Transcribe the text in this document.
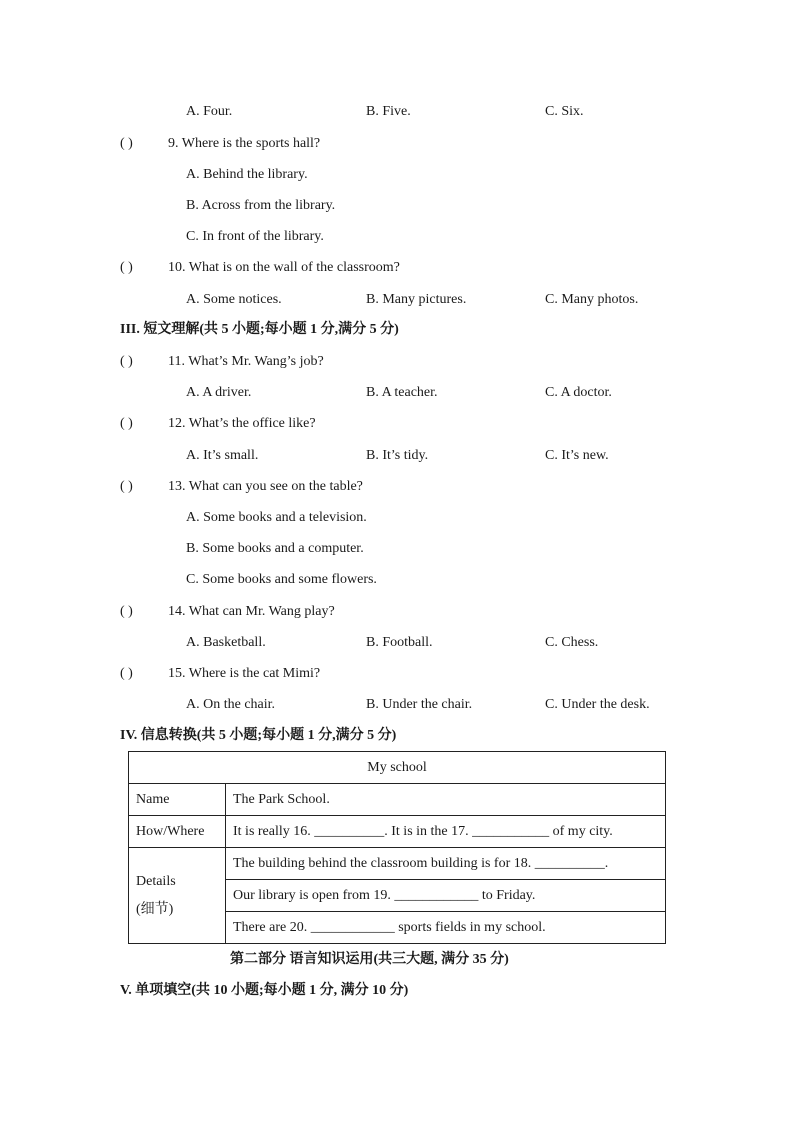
A. Four.	B. Five.	C. Six.
( )	9. Where is the sports hall?
A. Behind the library.
B. Across from the library.
C. In front of the library.
( )	10. What is on the wall of the classroom?
A. Some notices.	B. Many pictures.	C. Many photos.
III. 短文理解(共 5 小题;每小题 1 分,满分 5 分)
( )	11. What’s Mr. Wang’s job?
A. A driver.	B. A teacher.	C. A doctor.
( )	12. What’s the office like?
A. It’s small.	B. It’s tidy.	C. It’s new.
( )	13. What can you see on the table?
A. Some books and a television.
B. Some books and a computer.
C. Some books and some flowers.
( )	14. What can Mr. Wang play?
A. Basketball.	B. Football.	C. Chess.
( )	15. Where is the cat Mimi?
A. On the chair.	B. Under the chair.	C. Under the desk.
IV. 信息转换(共 5 小题;每小题 1 分,满分 5 分)
My school	
Name	The Park School.
How/Where	It is really 16. __________. It is in the 17. ___________ of my city.

Details
(细节)	The building behind the classroom building is for 18. __________.
	Our library is open from 19. ____________ to Friday.
	There are 20. ____________ sports fields in my school.
第二部分 语言知识运用(共三大题, 满分 35 分)
V. 单项填空(共 10 小题;每小题 1 分, 满分 10 分)
